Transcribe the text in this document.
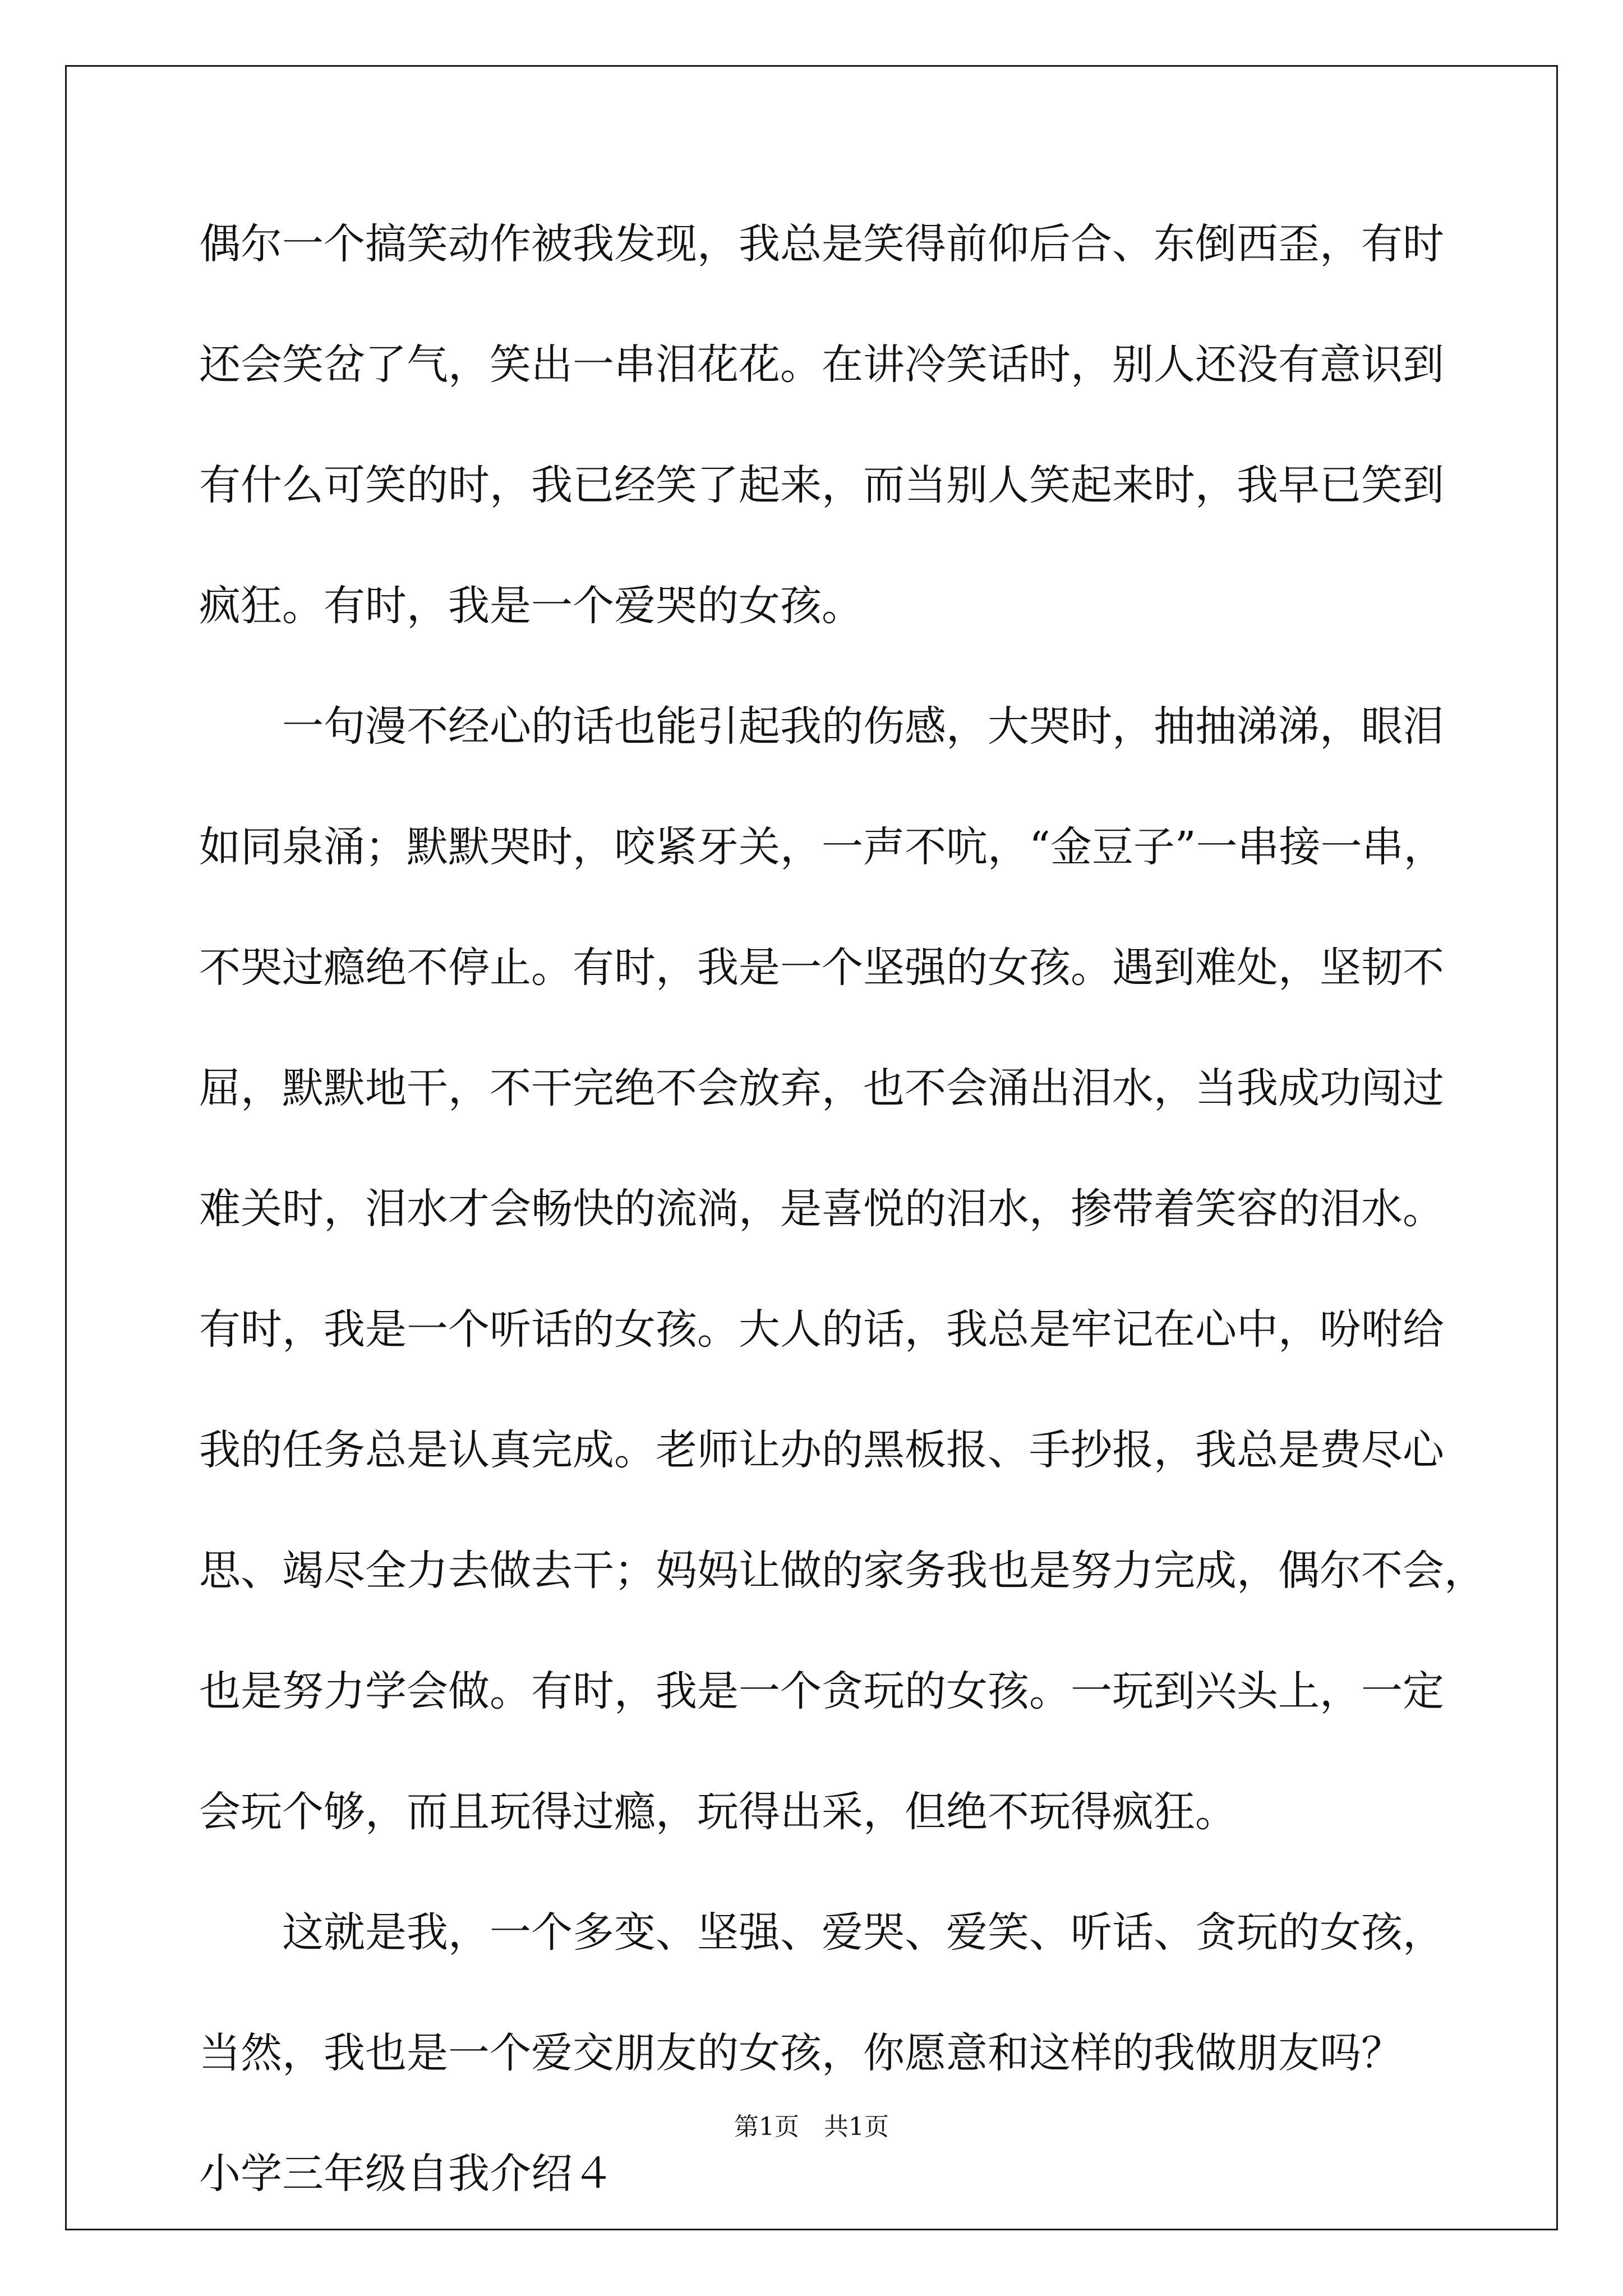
偶尔一个搞笑动作被我发现，我总是笑得前仰后合、东倒西歪，有时
还会笑岔了气，笑出一串泪花花。在讲冷笑话时，别人还没有意识到
有什么可笑的时，我已经笑了起来，而当别人笑起来时，我早已笑到
疯狂。有时，我是一个爱哭的女孩。
一句漫不经心的话也能引起我的伤感，大哭时，抽抽涕涕，眼泪
如同泉涌；默默哭时，咬紧牙关，一声不吭，“金豆子”一串接一串，
不哭过瘾绝不停止。有时，我是一个坚强的女孩。遇到难处，坚韧不
屈，默默地干，不干完绝不会放弃，也不会涌出泪水，当我成功闯过
难关时，泪水才会畅快的流淌，是喜悦的泪水，掺带着笑容的泪水。
有时，我是一个听话的女孩。大人的话，我总是牢记在心中，吩咐给
我的任务总是认真完成。老师让办的黑板报、手抄报，我总是费尽心
思、竭尽全力去做去干；妈妈让做的家务我也是努力完成，偶尔不会，
也是努力学会做。有时，我是一个贪玩的女孩。一玩到兴头上，一定
会玩个够，而且玩得过瘾，玩得出采，但绝不玩得疯狂。
这就是我，一个多变、坚强、爱哭、爱笑、听话、贪玩的女孩，
当然，我也是一个爱交朋友的女孩，你愿意和这样的我做朋友吗？
小学三年级自我介绍４
第1页　共1页
